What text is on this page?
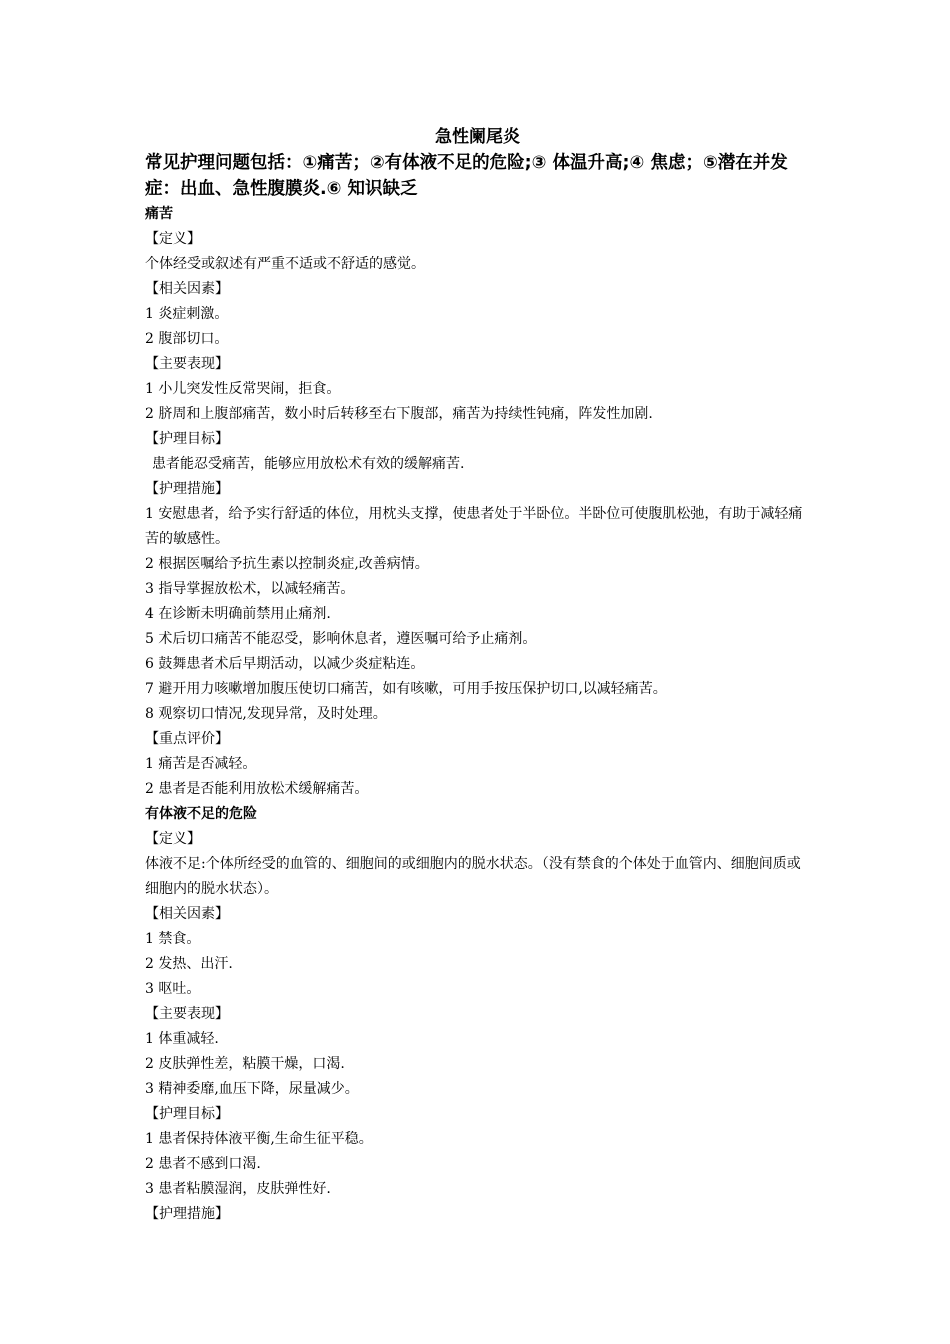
急性阑尾炎
常见护理问题包括：①痛苦；②有体液不足的危险;③ 体温升高;④ 焦虑；⑤潜在并发症：出血、急性腹膜炎.⑥ 知识缺乏
痛苦
【定义】
个体经受或叙述有严重不适或不舒适的感觉。
【相关因素】
1 炎症刺激。
2 腹部切口。
【主要表现】
1 小儿突发性反常哭闹，拒食。
2 脐周和上腹部痛苦，数小时后转移至右下腹部，痛苦为持续性钝痛，阵发性加剧.
【护理目标】
患者能忍受痛苦，能够应用放松术有效的缓解痛苦.
【护理措施】
1 安慰患者，给予实行舒适的体位，用枕头支撑，使患者处于半卧位。半卧位可使腹肌松弛，有助于减轻痛苦的敏感性。
2 根据医嘱给予抗生素以控制炎症,改善病情。
3 指导掌握放松术，以减轻痛苦。
4 在诊断未明确前禁用止痛剂.
5 术后切口痛苦不能忍受，影响休息者，遵医嘱可给予止痛剂。
6 鼓舞患者术后早期活动，以减少炎症粘连。
7 避开用力咳嗽增加腹压使切口痛苦，如有咳嗽，可用手按压保护切口,以减轻痛苦。
8 观察切口情况,发现异常，及时处理。
【重点评价】
1 痛苦是否减轻。
2 患者是否能利用放松术缓解痛苦。
有体液不足的危险
【定义】
体液不足:个体所经受的血管的、细胞间的或细胞内的脱水状态。（没有禁食的个体处于血管内、细胞间质或细胞内的脱水状态）。
【相关因素】
1 禁食。
2 发热、出汗.
3 呕吐。
【主要表现】
1 体重减轻.
2 皮肤弹性差，粘膜干燥，口渴.
3 精神委靡,血压下降，尿量减少。
【护理目标】
1 患者保持体液平衡,生命生征平稳。
2 患者不感到口渴.
3 患者粘膜湿润，皮肤弹性好.
【护理措施】
